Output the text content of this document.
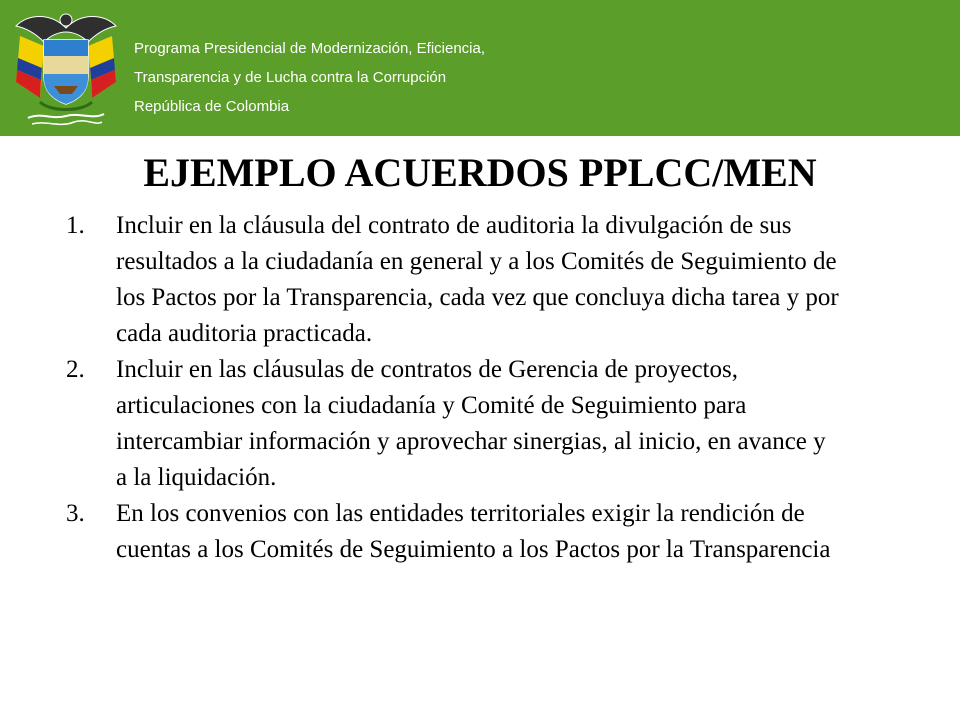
Programa Presidencial de Modernización, Eficiencia,
Transparencia y de Lucha contra la Corrupción
República de Colombia
EJEMPLO ACUERDOS PPLCC/MEN
1. Incluir en la cláusula del contrato de auditoria la divulgación de sus resultados a la ciudadanía en general y a los Comités de Seguimiento de los Pactos por la Transparencia, cada vez que concluya dicha tarea y por cada auditoria practicada.
2. Incluir en las cláusulas de contratos de Gerencia de proyectos, articulaciones con la ciudadanía y Comité de Seguimiento para intercambiar información y aprovechar sinergias, al inicio, en avance y a la liquidación.
3. En los convenios con las entidades territoriales exigir la rendición de cuentas a los Comités de Seguimiento a los Pactos por la Transparencia
